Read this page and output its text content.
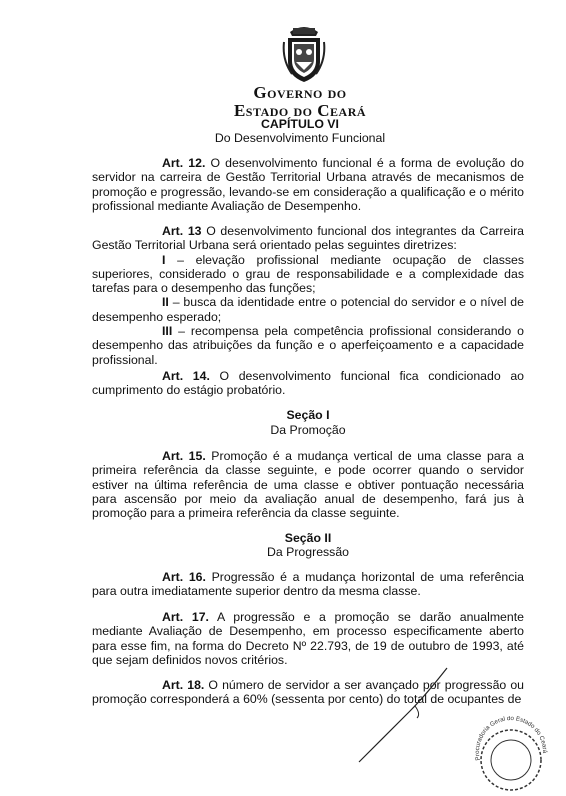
Governo do
Estado do Ceará
CAPÍTULO VI
Do Desenvolvimento Funcional

Art. 12. O desenvolvimento funcional é a forma de evolução do servidor na carreira de Gestão Territorial Urbana através de mecanismos de promoção e progressão, levando-se em consideração a qualificação e o mérito profissional mediante Avaliação de Desempenho.

Art. 13 O desenvolvimento funcional dos integrantes da Carreira Gestão Territorial Urbana será orientado pelas seguintes diretrizes:
I – elevação profissional mediante ocupação de classes superiores, considerado o grau de responsabilidade e a complexidade das tarefas para o desempenho das funções;
II – busca da identidade entre o potencial do servidor e o nível de desempenho esperado;
III – recompensa pela competência profissional considerando o desempenho das atribuições da função e o aperfeiçoamento e a capacidade profissional.

Art. 14. O desenvolvimento funcional fica condicionado ao cumprimento do estágio probatório.

Seção I
Da Promoção

Art. 15. Promoção é a mudança vertical de uma classe para a primeira referência da classe seguinte, e pode ocorrer quando o servidor estiver na última referência de uma classe e obtiver pontuação necessária para ascensão por meio da avaliação anual de desempenho, fará jus à promoção para a primeira referência da classe seguinte.

Seção II
Da Progressão

Art. 16. Progressão é a mudança horizontal de uma referência para outra imediatamente superior dentro da mesma classe.

Art. 17. A progressão e a promoção se darão anualmente mediante Avaliação de Desempenho, em processo especificamente aberto para esse fim, na forma do Decreto Nº 22.793, de 19 de outubro de 1993, até que sejam definidos novos critérios.

Art. 18. O número de servidor a ser avançado por progressão ou promoção corresponderá a 60% (sessenta por cento) do total de ocupantes de

Procuradoria Geral do Estado do Ceará
